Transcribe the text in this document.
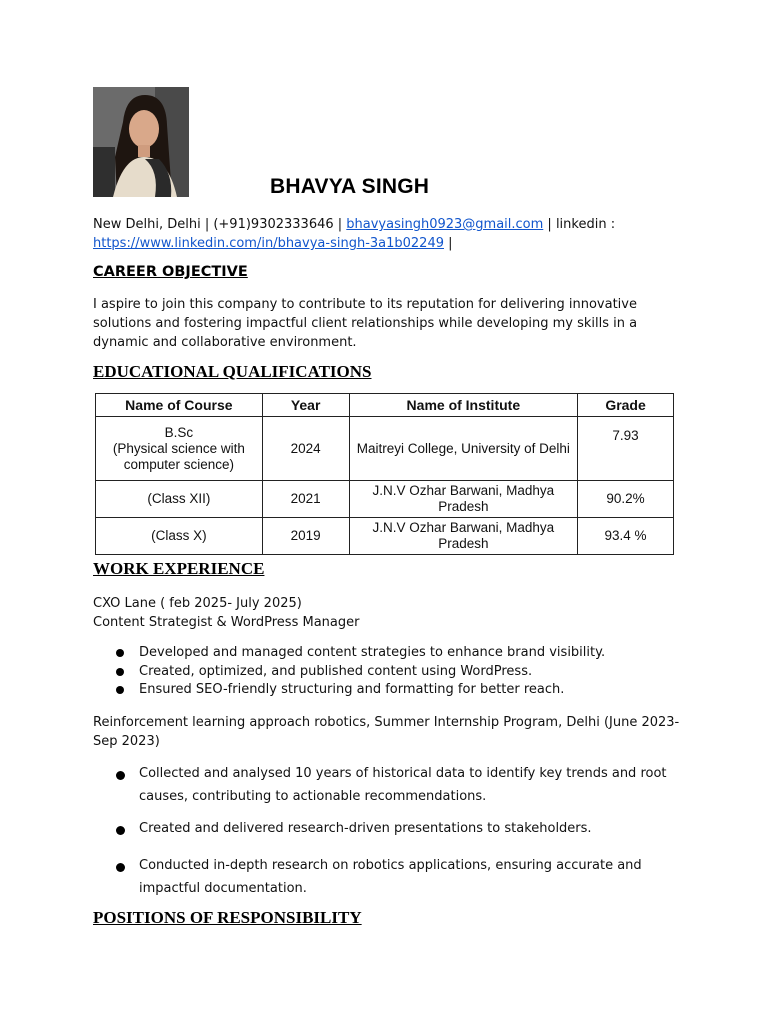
BHAVYA SINGH
New Delhi, Delhi | (+91)9302333646 | bhavyasingh0923@gmail.com | linkedin :
https://www.linkedin.com/in/bhavya-singh-3a1b02249 |
CAREER OBJECTIVE
I aspire to join this company to contribute to its reputation for delivering innovative solutions and fostering impactful client relationships while developing my skills in a dynamic and collaborative environment.
EDUCATIONAL QUALIFICATIONS
Name of Course	Year	Name of Institute	Grade
B.Sc
(Physical science with
computer science)	2024	Maitreyi College, University of Delhi	7.93
(Class XII)	2021	J.N.V Ozhar Barwani, Madhya
Pradesh	90.2%
(Class X)	2019	J.N.V Ozhar Barwani, Madhya
Pradesh	93.4 %
WORK EXPERIENCE
CXO Lane ( feb 2025- July 2025)
Content Strategist & WordPress Manager
Developed and managed content strategies to enhance brand visibility.
Created, optimized, and published content using WordPress.
Ensured SEO-friendly structuring and formatting for better reach.
Reinforcement learning approach robotics, Summer Internship Program, Delhi (June 2023-Sep 2023)
Collected and analysed 10 years of historical data to identify key trends and root causes, contributing to actionable recommendations.
Created and delivered research-driven presentations to stakeholders.
Conducted in-depth research on robotics applications, ensuring accurate and impactful documentation.
POSITIONS OF RESPONSIBILITY
